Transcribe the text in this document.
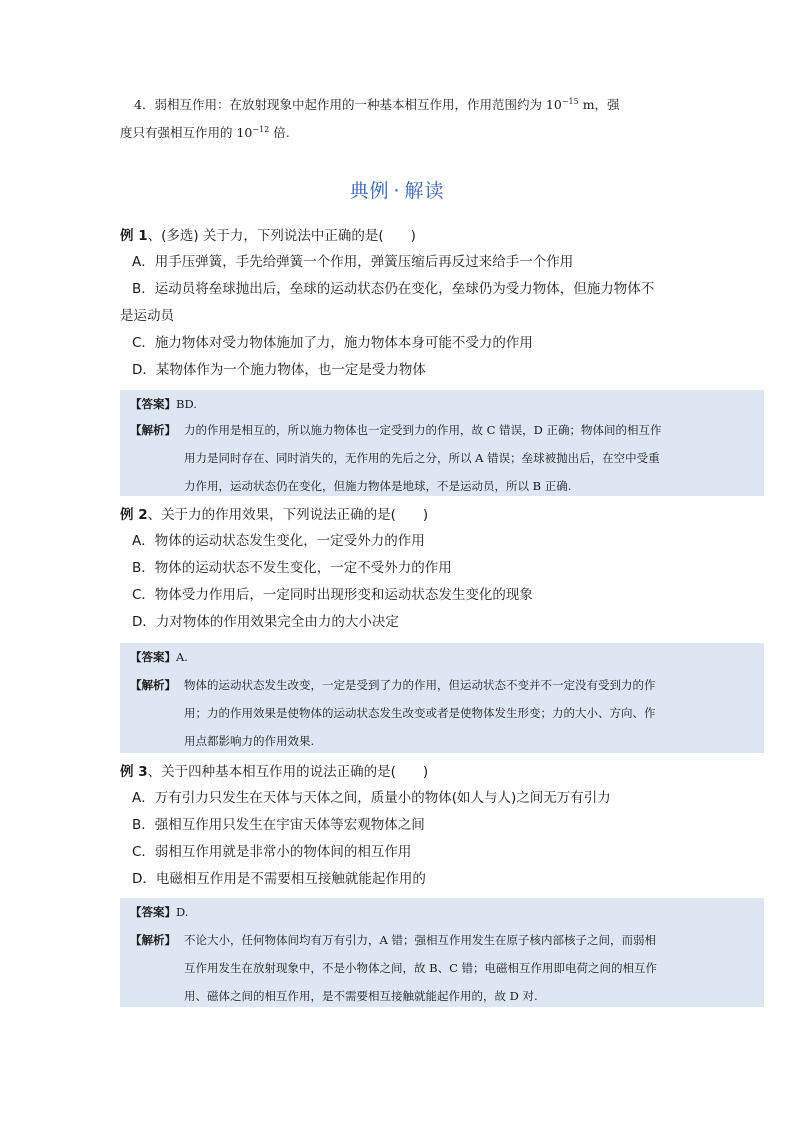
4．弱相互作用：在放射现象中起作用的一种基本相互作用，作用范围约为 $10^{-15}$ m，强
度只有强相互作用的 $10^{-12}$ 倍.
典例 · 解读
例 1、(多选) 关于力，下列说法中正确的是(　　)
A．用手压弹簧，手先给弹簧一个作用，弹簧压缩后再反过来给手一个作用
B．运动员将垒球抛出后，垒球的运动状态仍在变化，垒球仍为受力物体，但施力物体不
是运动员
C．施力物体对受力物体施加了力，施力物体本身可能不受力的作用
D．某物体作为一个施力物体，也一定是受力物体
【答案】BD.
【解析】 力的作用是相互的，所以施力物体也一定受到力的作用，故 C 错误，D 正确；物体间的相互作
用力是同时存在、同时消失的，无作用的先后之分，所以 A 错误；垒球被抛出后，在空中受重
力作用，运动状态仍在变化，但施力物体是地球，不是运动员，所以 B 正确.
例 2、关于力的作用效果，下列说法正确的是(　　)
A．物体的运动状态发生变化，一定受外力的作用
B．物体的运动状态不发生变化，一定不受外力的作用
C．物体受力作用后，一定同时出现形变和运动状态发生变化的现象
D．力对物体的作用效果完全由力的大小决定
【答案】A.
【解析】 物体的运动状态发生改变，一定是受到了力的作用，但运动状态不变并不一定没有受到力的作
用；力的作用效果是使物体的运动状态发生改变或者是使物体发生形变；力的大小、方向、作
用点都影响力的作用效果.
例 3、关于四种基本相互作用的说法正确的是(　　)
A．万有引力只发生在天体与天体之间，质量小的物体(如人与人)之间无万有引力
B．强相互作用只发生在宇宙天体等宏观物体之间
C．弱相互作用就是非常小的物体间的相互作用
D．电磁相互作用是不需要相互接触就能起作用的
【答案】D.
【解析】 不论大小，任何物体间均有万有引力，A 错；强相互作用发生在原子核内部核子之间，而弱相
互作用发生在放射现象中，不是小物体之间，故 B、C 错；电磁相互作用即电荷之间的相互作
用、磁体之间的相互作用，是不需要相互接触就能起作用的，故 D 对.
